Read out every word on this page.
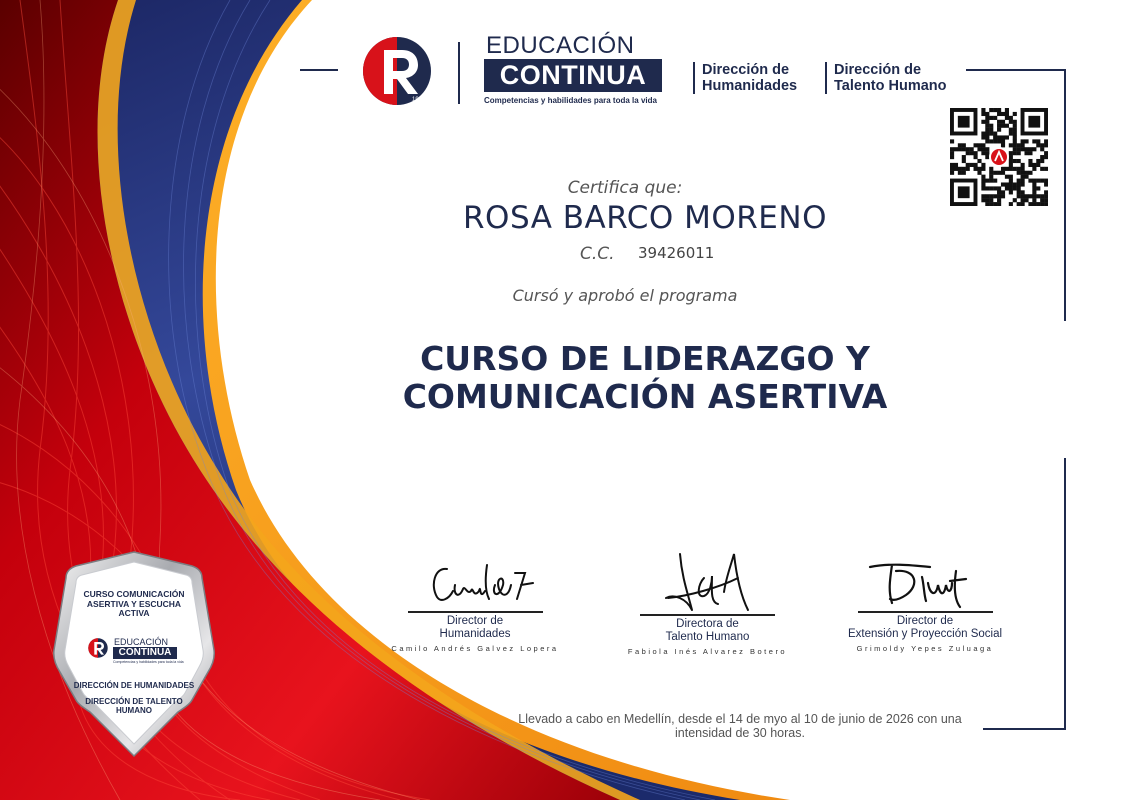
1915
EDUCACIÓN
CONTINUA
Competencias y habilidades para toda la vida
Dirección de
Humanidades
Dirección de
Talento Humano
Certifica que:
ROSA BARCO MORENO
C.C. 39426011
Cursó y aprobó el programa
CURSO DE LIDERAZGO Y
COMUNICACIÓN ASERTIVA
Director de
Humanidades
Camilo Andrés Galvez Lopera
Directora de
Talento Humano
Fabiola Inés Alvarez Botero
Director de
Extensión y Proyección Social
Grimoldy Yepes Zuluaga
Llevado a cabo en Medellín, desde el 14 de myo al 10 de junio de 2026 con una
intensidad de 30 horas.
CURSO COMUNICACIÓN
ASERTIVA Y ESCUCHA
ACTIVA
EDUCACIÓN
CONTINUA
Competencias y habilidades para toda la vida
DIRECCIÓN DE HUMANIDADES
DIRECCIÓN DE TALENTO
HUMANO
